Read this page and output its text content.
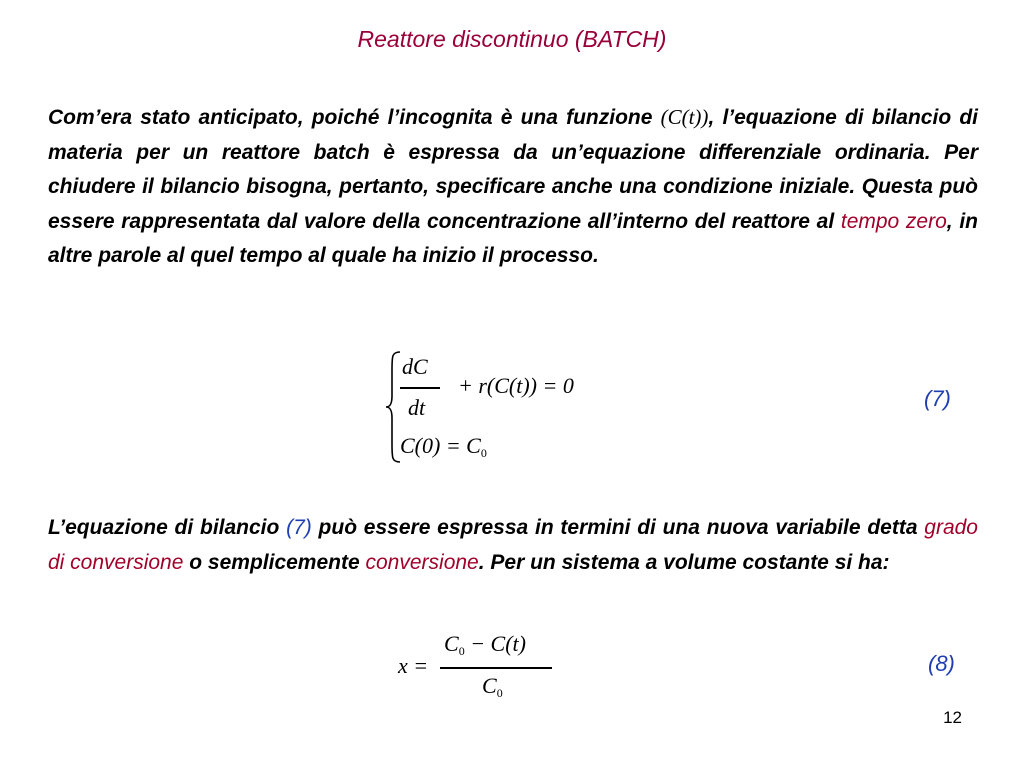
Reattore discontinuo (BATCH)
Com’era stato anticipato, poiché l’incognita è una funzione (C(t)), l’equazione di bilancio di materia per un reattore batch è espressa da un’equazione differenziale ordinaria. Per chiudere il bilancio bisogna, pertanto, specificare anche una condizione iniziale. Questa può essere rappresentata dal valore della concentrazione all’interno del reattore al tempo zero, in altre parole al quel tempo al quale ha inizio il processo.
dC
dt
+ r(C(t)) = 0
$C(0) = C_0$
(7)
L’equazione di bilancio (7) può essere espressa in termini di una nuova variabile detta grado di conversione o semplicemente conversione. Per un sistema a volume costante si ha:
x =
$C_0 - C(t)$
$C_0$
(8)
12
